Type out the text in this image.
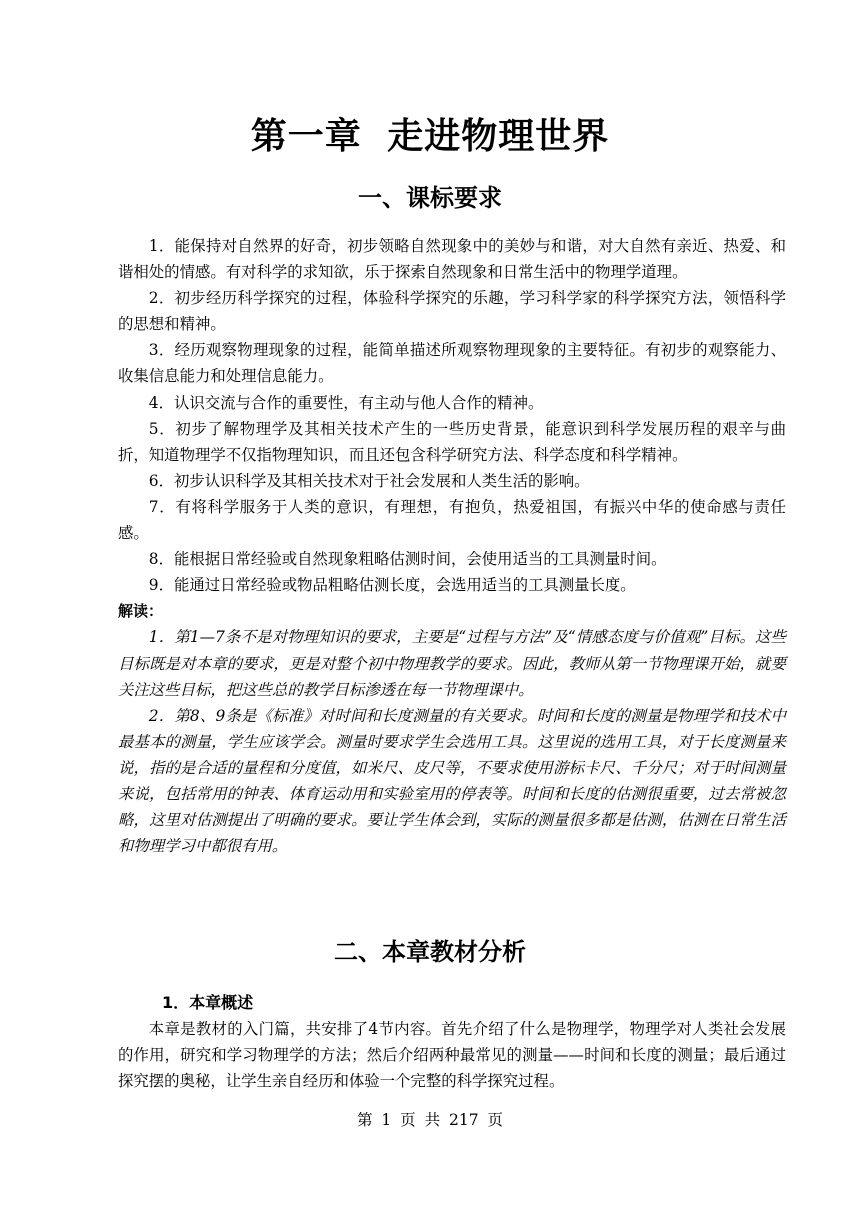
第一章 走进物理世界
一、课标要求

1．能保持对自然界的好奇，初步领略自然现象中的美妙与和谐，对大自然有亲近、热爱、和谐相处的情感。有对科学的求知欲，乐于探索自然现象和日常生活中的物理学道理。

2．初步经历科学探究的过程，体验科学探究的乐趣，学习科学家的科学探究方法，领悟科学的思想和精神。

3．经历观察物理现象的过程，能简单描述所观察物理现象的主要特征。有初步的观察能力、收集信息能力和处理信息能力。

4．认识交流与合作的重要性，有主动与他人合作的精神。

5．初步了解物理学及其相关技术产生的一些历史背景，能意识到科学发展历程的艰辛与曲折，知道物理学不仅指物理知识，而且还包含科学研究方法、科学态度和科学精神。

6．初步认识科学及其相关技术对于社会发展和人类生活的影响。

7．有将科学服务于人类的意识，有理想，有抱负，热爱祖国，有振兴中华的使命感与责任感。

8．能根据日常经验或自然现象粗略估测时间，会使用适当的工具测量时间。

9．能通过日常经验或物品粗略估测长度，会选用适当的工具测量长度。

解读：

1．第1—7条不是对物理知识的要求，主要是“过程与方法”及“情感态度与价值观”目标。这些目标既是对本章的要求，更是对整个初中物理教学的要求。因此，教师从第一节物理课开始，就要关注这些目标，把这些总的教学目标渗透在每一节物理课中。

2．第8、9条是《标准》对时间和长度测量的有关要求。时间和长度的测量是物理学和技术中最基本的测量，学生应该学会。测量时要求学生会选用工具。这里说的选用工具，对于长度测量来说，指的是合适的量程和分度值，如米尺、皮尺等，不要求使用游标卡尺、千分尺；对于时间测量来说，包括常用的钟表、体育运动用和实验室用的停表等。时间和长度的估测很重要，过去常被忽略，这里对估测提出了明确的要求。要让学生体会到，实际的测量很多都是估测，估测在日常生活和物理学习中都很有用。

二、本章教材分析
1．本章概述

本章是教材的入门篇，共安排了4节内容。首先介绍了什么是物理学，物理学对人类社会发展的作用，研究和学习物理学的方法；然后介绍两种最常见的测量——时间和长度的测量；最后通过探究摆的奥秘，让学生亲自经历和体验一个完整的科学探究过程。

第 1 页 共 217 页
